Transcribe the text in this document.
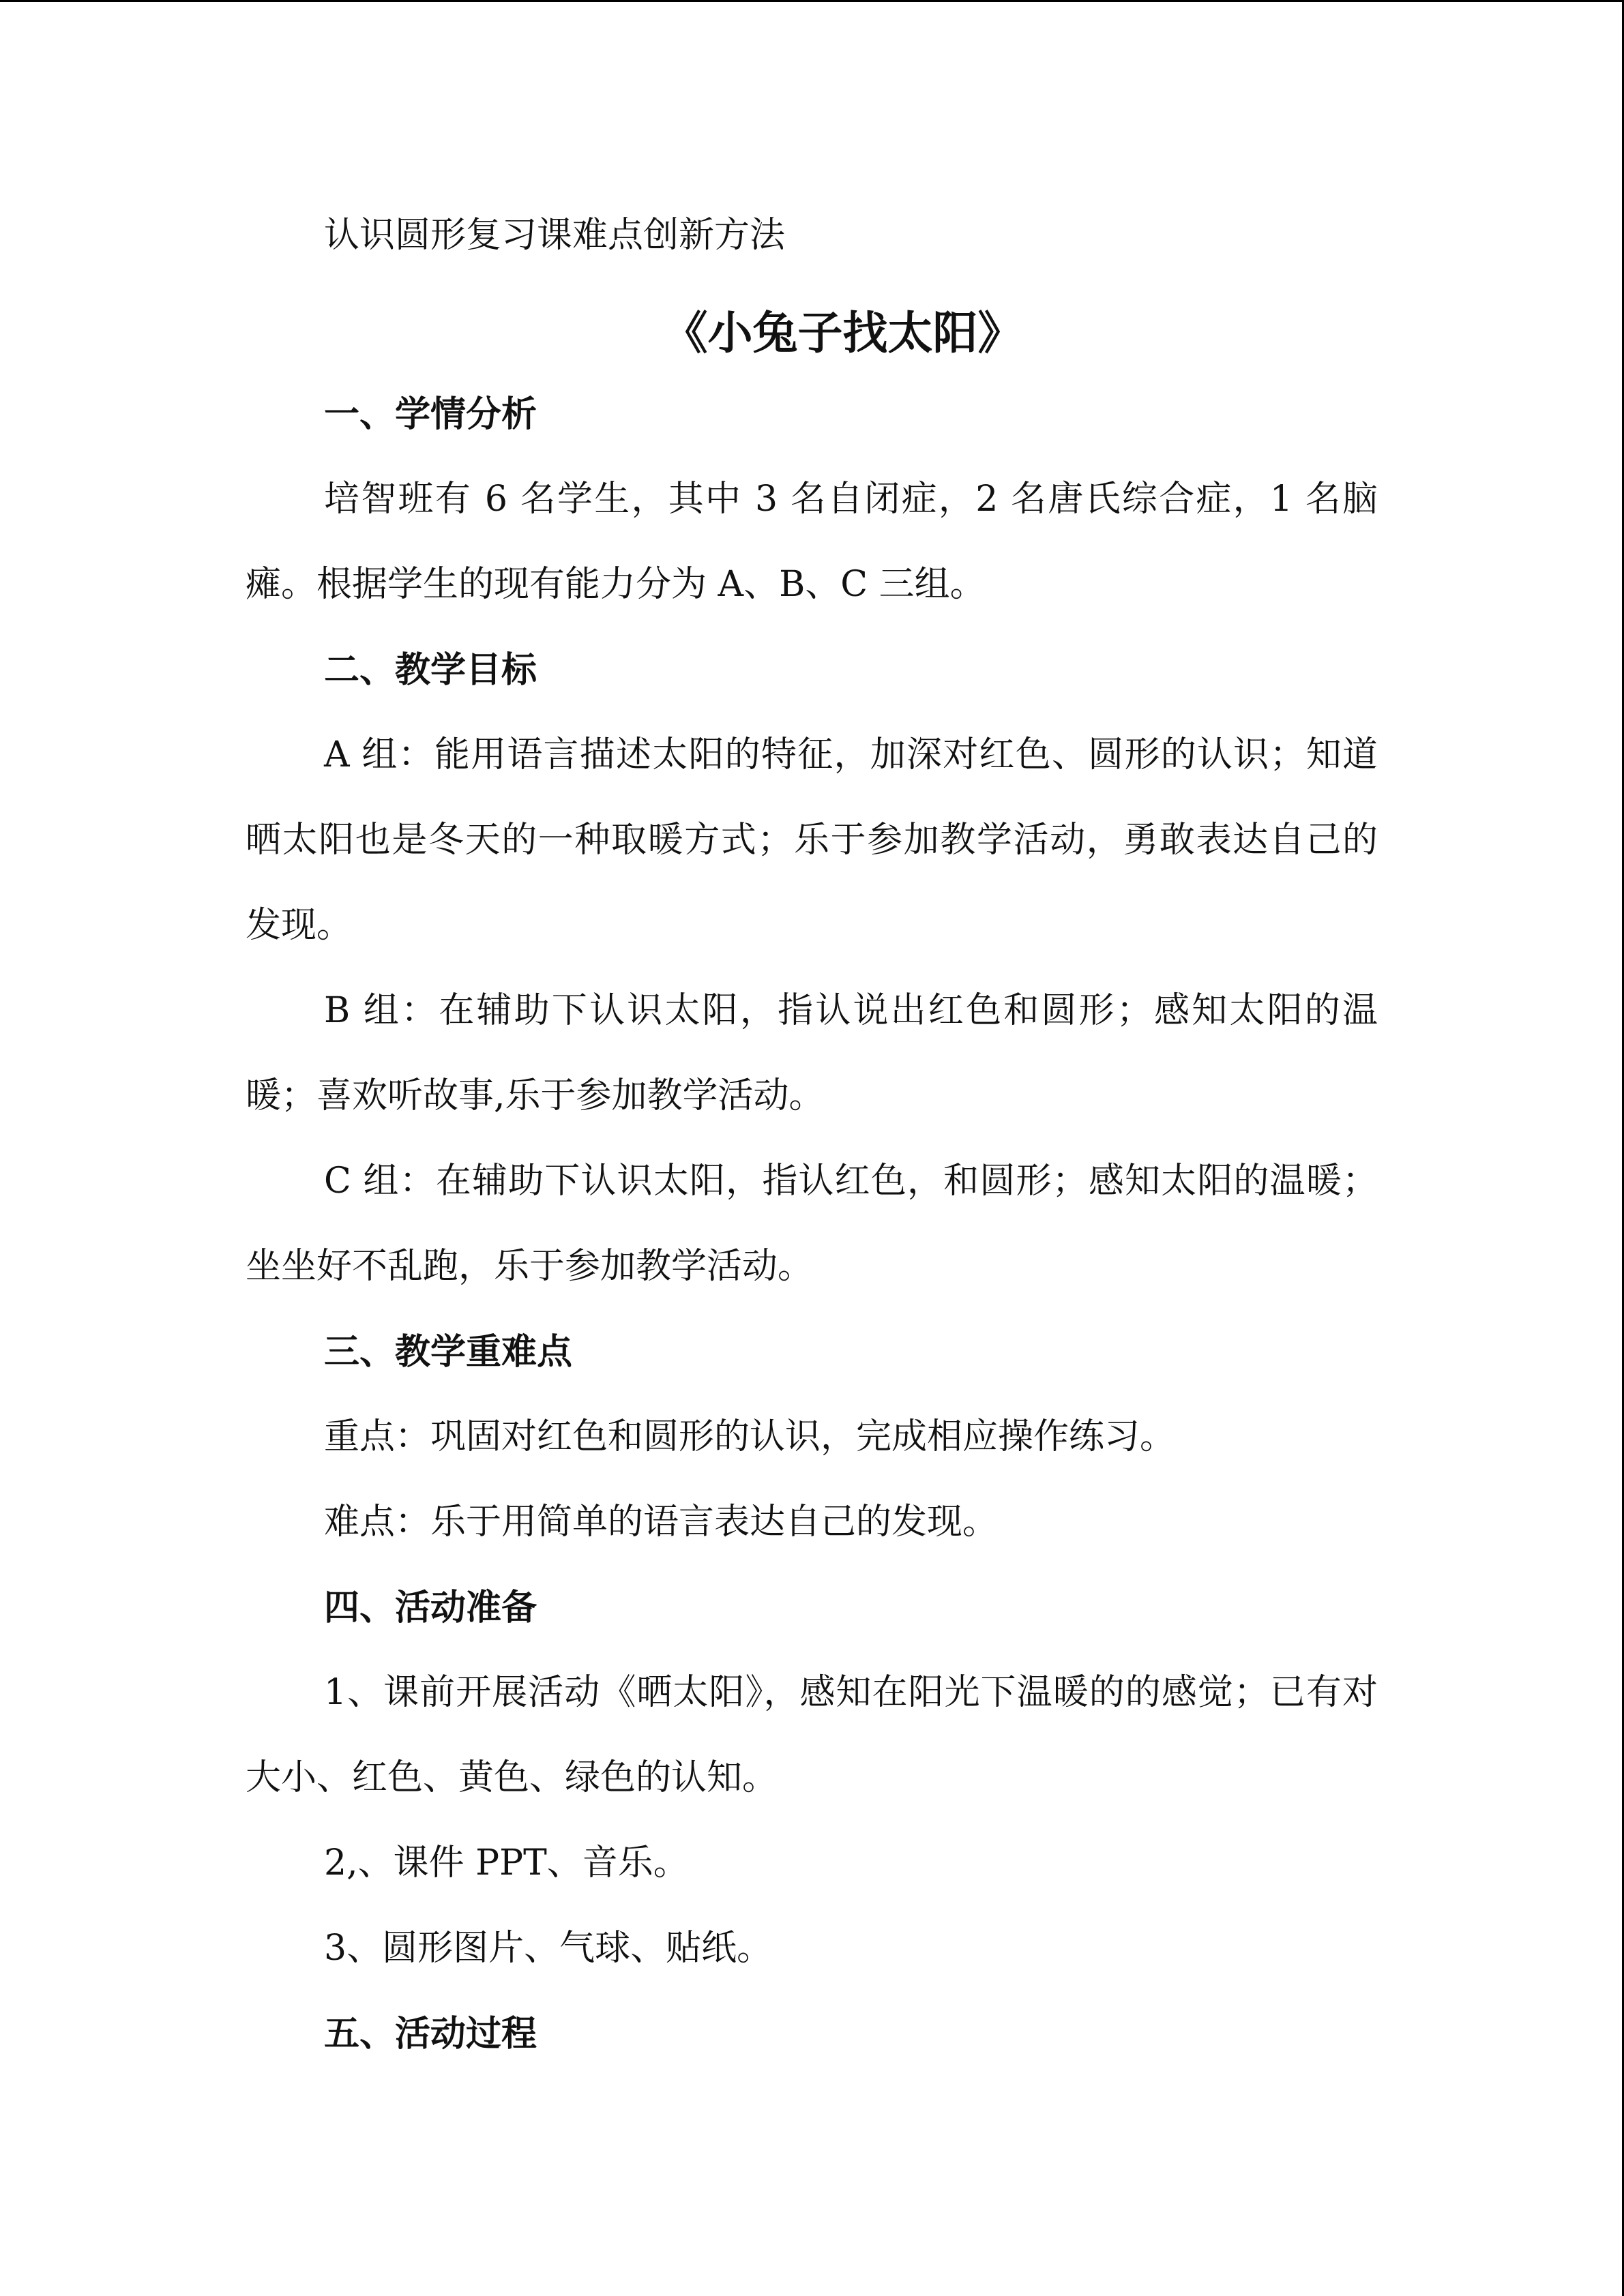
认识圆形复习课难点创新方法
《小兔子找太阳》

一、学情分析

培智班有 6 名学生，其中 3 名自闭症，2 名唐氏综合症，1 名脑瘫。根据学生的现有能力分为 A、B、C 三组。

二、教学目标

A 组：能用语言描述太阳的特征，加深对红色、圆形的认识；知道晒太阳也是冬天的一种取暖方式；乐于参加教学活动，勇敢表达自己的发现。

B 组：在辅助下认识太阳，指认说出红色和圆形；感知太阳的温暖；喜欢听故事,乐于参加教学活动。

C 组：在辅助下认识太阳，指认红色，和圆形；感知太阳的温暖；坐坐好不乱跑，乐于参加教学活动。

三、教学重难点

重点：巩固对红色和圆形的认识，完成相应操作练习。

难点：乐于用简单的语言表达自己的发现。

四、活动准备

1、课前开展活动《晒太阳》，感知在阳光下温暖的的感觉；已有对大小、红色、黄色、绿色的认知。

2,、课件 PPT、音乐。

3、圆形图片、气球、贴纸。

五、活动过程
